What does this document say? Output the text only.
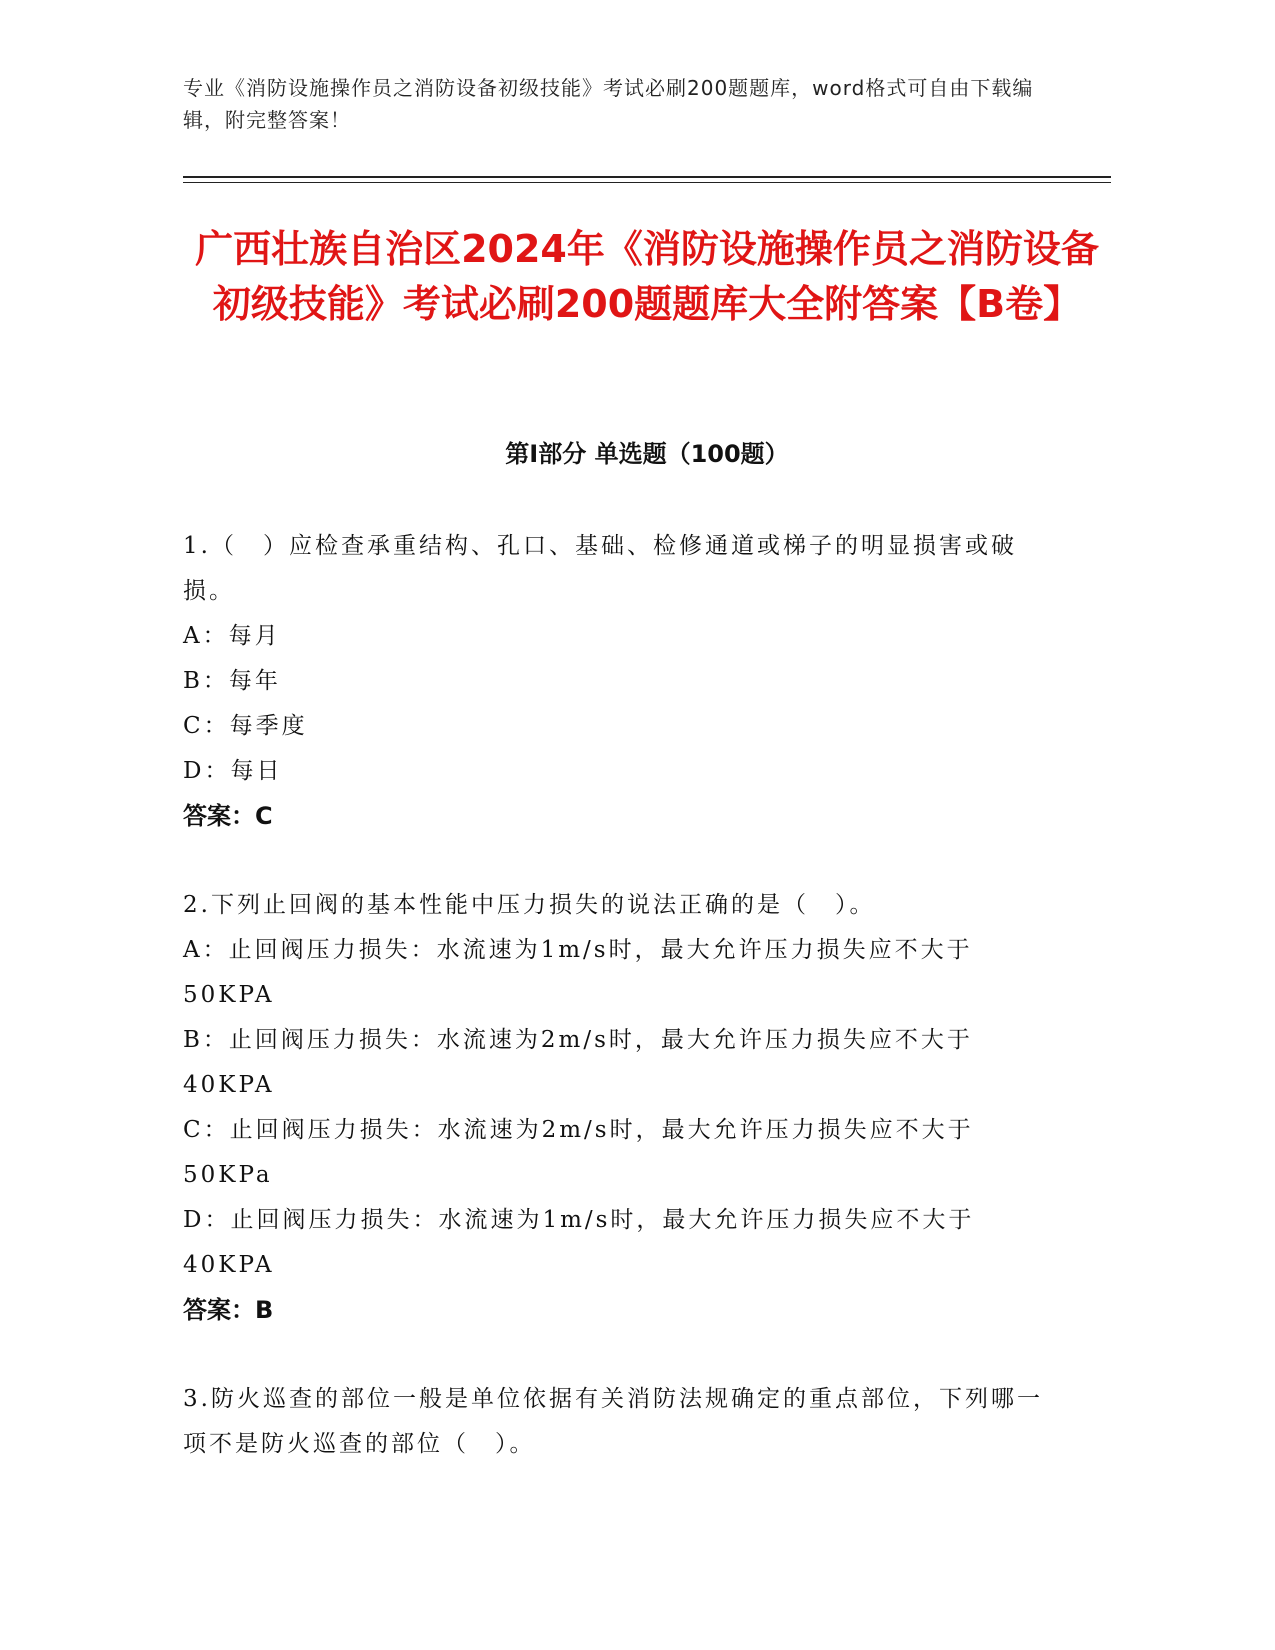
专业《消防设施操作员之消防设备初级技能》考试必刷200题题库，word格式可自由下载编辑，附完整答案！
广西壮族自治区2024年《消防设施操作员之消防设备初级技能》考试必刷200题题库大全附答案【B卷】
第Ⅰ部分 单选题（100题）

1.（　）应检查承重结构、孔口、基础、检修通道或梯子的明显损害或破损。

A：每月

B：每年

C：每季度

D：每日

答案：C

2.下列止回阀的基本性能中压力损失的说法正确的是（　）。

A：止回阀压力损失：水流速为1m/s时，最大允许压力损失应不大于50KPA

B：止回阀压力损失：水流速为2m/s时，最大允许压力损失应不大于40KPA

C：止回阀压力损失：水流速为2m/s时，最大允许压力损失应不大于50KPa

D：止回阀压力损失：水流速为1m/s时，最大允许压力损失应不大于40KPA

答案：B

3.防火巡查的部位一般是单位依据有关消防法规确定的重点部位，下列哪一项不是防火巡查的部位（　）。
